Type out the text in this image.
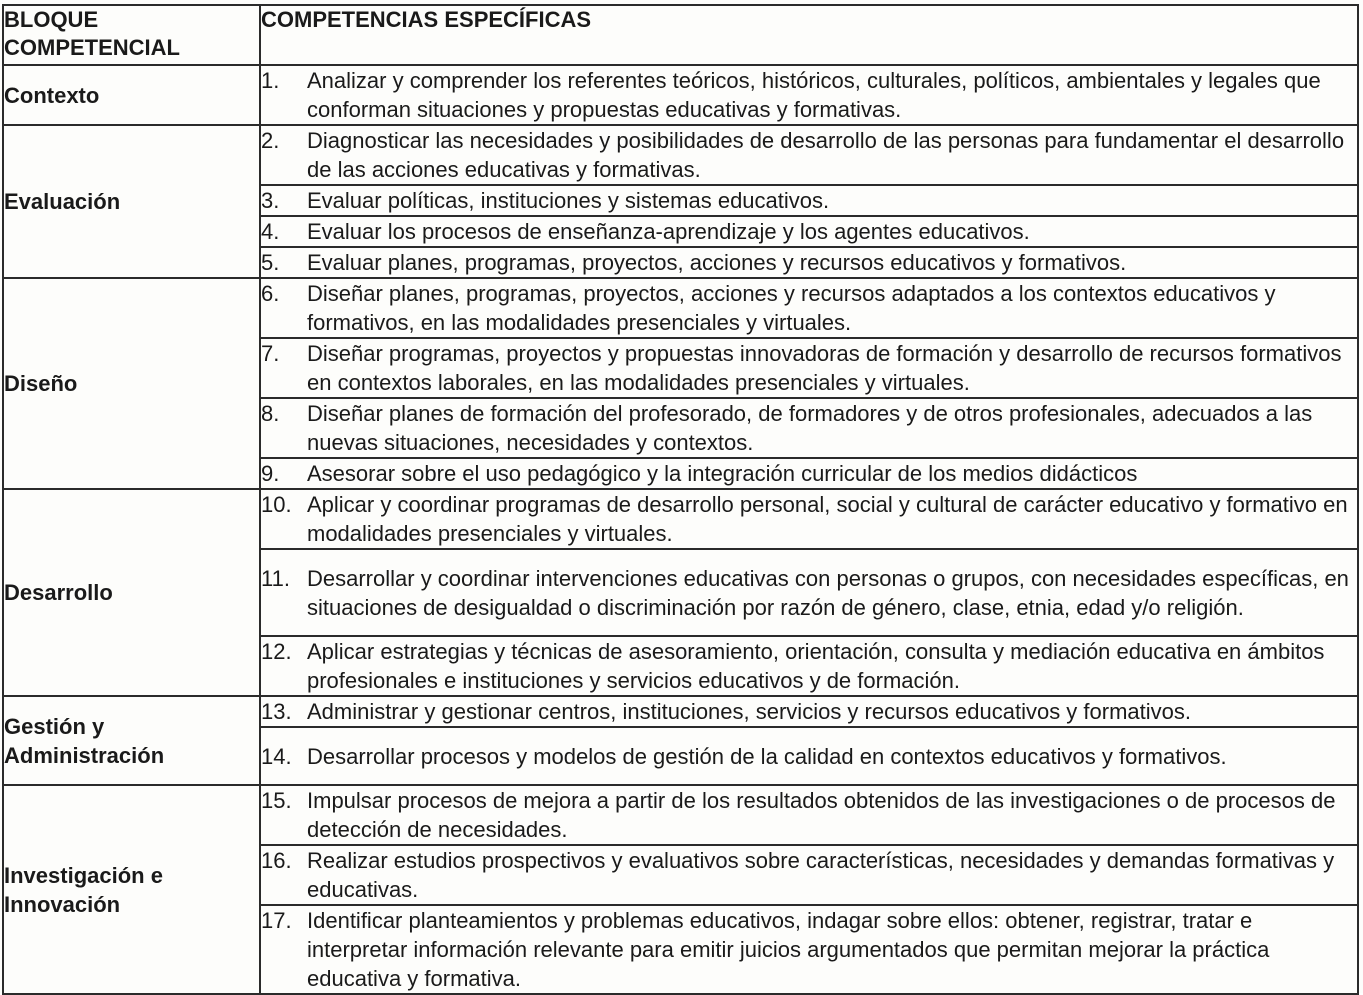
BLOQUE COMPETENCIAL	COMPETENCIAS ESPECÍFICAS
Contexto	1. Analizar y comprender los referentes teóricos, históricos, culturales, políticos, ambientales y legales que conforman situaciones y propuestas educativas y formativas.

Evaluación	2. Diagnosticar las necesidades y posibilidades de desarrollo de las personas para fundamentar el desarrollo de las acciones educativas y formativas.

	3. Evaluar políticas, instituciones y sistemas educativos.

	4. Evaluar los procesos de enseñanza-aprendizaje y los agentes educativos.

	5. Evaluar planes, programas, proyectos, acciones y recursos educativos y formativos.

Diseño	6. Diseñar planes, programas, proyectos, acciones y recursos adaptados a los contextos educativos y formativos, en las modalidades presenciales y virtuales.

	7. Diseñar programas, proyectos y propuestas innovadoras de formación y desarrollo de recursos formativos en contextos laborales, en las modalidades presenciales y virtuales.

	8. Diseñar planes de formación del profesorado, de formadores y de otros profesionales, adecuados a las nuevas situaciones, necesidades y contextos.

	9. Asesorar sobre el uso pedagógico y la integración curricular de los medios didácticos

Desarrollo	10. Aplicar y coordinar programas de desarrollo personal, social y cultural de carácter educativo y formativo en modalidades presenciales y virtuales.

	11. Desarrollar y coordinar intervenciones educativas con personas o grupos, con necesidades específicas, en situaciones de desigualdad o discriminación por razón de género, clase, etnia, edad y/o religión.

	12. Aplicar estrategias y técnicas de asesoramiento, orientación, consulta y mediación educativa en ámbitos profesionales e instituciones y servicios educativos y de formación.

Gestión y Administración	13. Administrar y gestionar centros, instituciones, servicios y recursos educativos y formativos.

	14. Desarrollar procesos y modelos de gestión de la calidad en contextos educativos y formativos.

Investigación e Innovación	15. Impulsar procesos de mejora a partir de los resultados obtenidos de las investigaciones o de procesos de detección de necesidades.

	16. Realizar estudios prospectivos y evaluativos sobre características, necesidades y demandas formativas y educativas.

	17. Identificar planteamientos y problemas educativos, indagar sobre ellos: obtener, registrar, tratar e interpretar información relevante para emitir juicios argumentados que permitan mejorar la práctica educativa y formativa.
